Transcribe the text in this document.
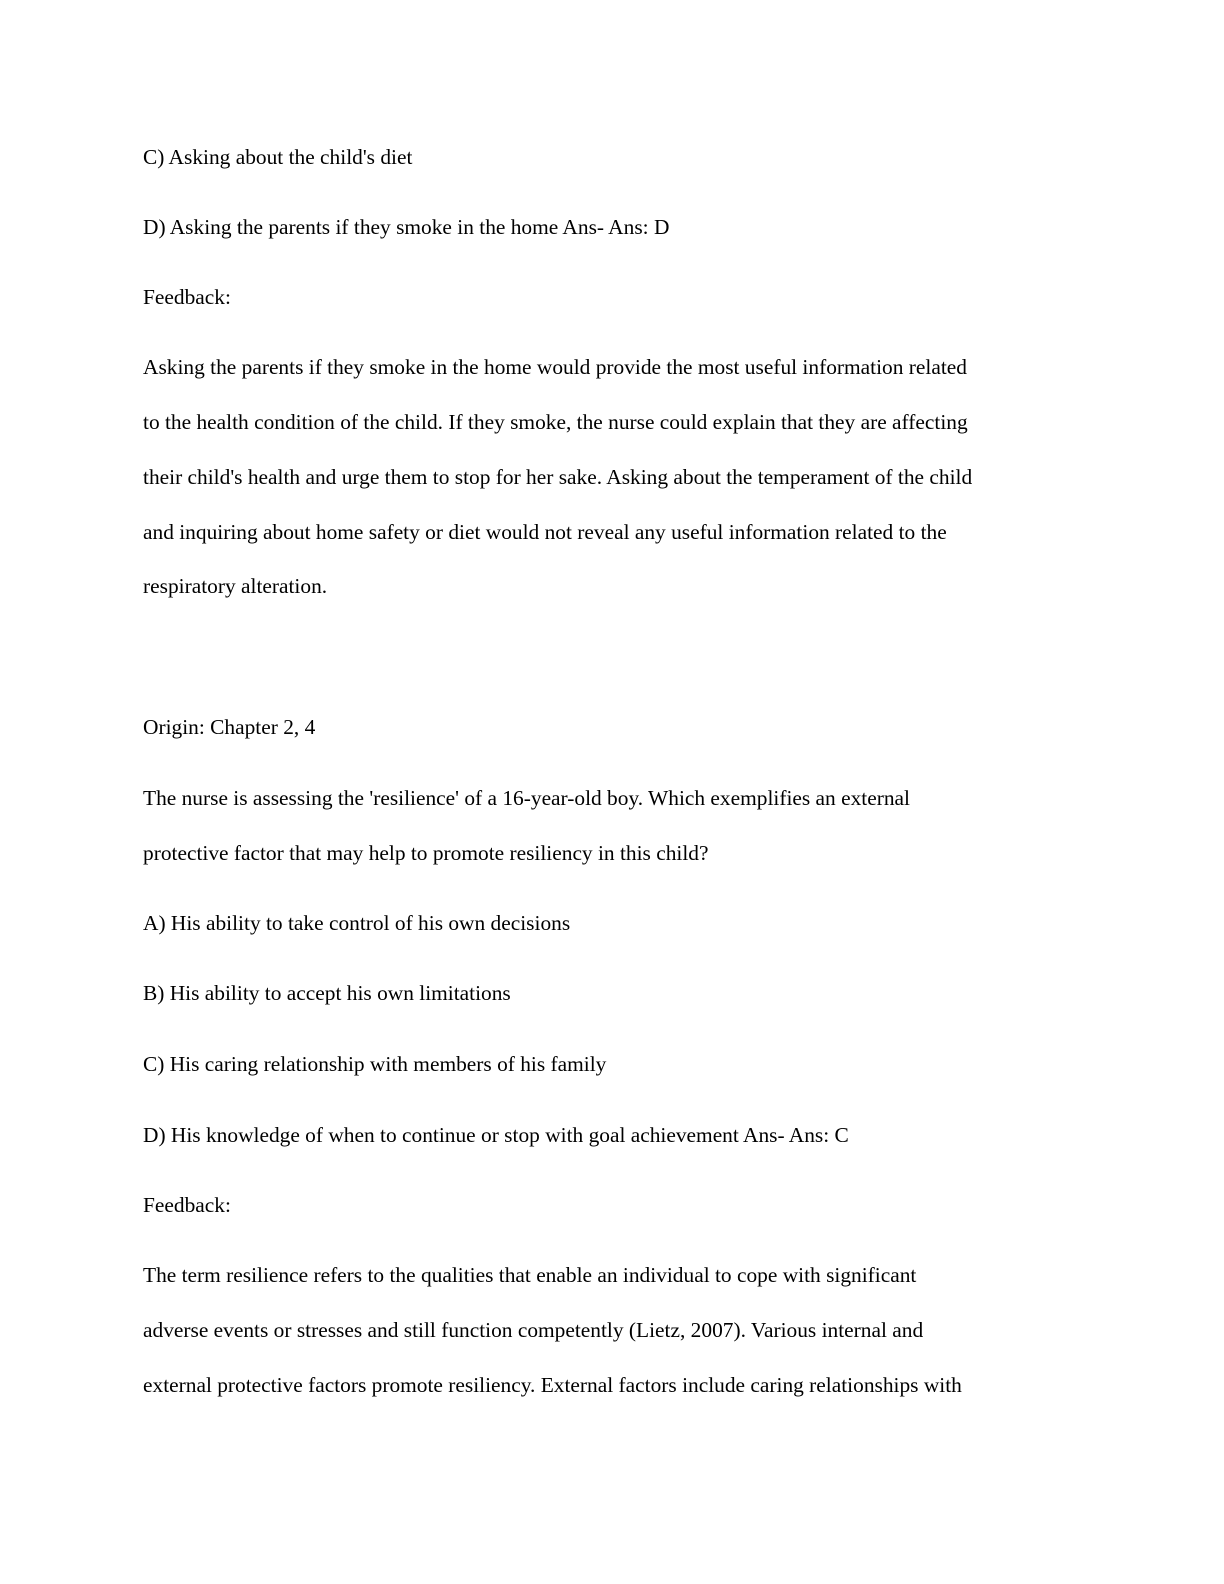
C) Asking about the child's diet

D) Asking the parents if they smoke in the home Ans- Ans: D

Feedback:

Asking the parents if they smoke in the home would provide the most useful information related

to the health condition of the child. If they smoke, the nurse could explain that they are affecting

their child's health and urge them to stop for her sake. Asking about the temperament of the child

and inquiring about home safety or diet would not reveal any useful information related to the

respiratory alteration.

Origin: Chapter 2, 4

The nurse is assessing the 'resilience' of a 16-year-old boy. Which exemplifies an external

protective factor that may help to promote resiliency in this child?

A) His ability to take control of his own decisions

B) His ability to accept his own limitations

C) His caring relationship with members of his family

D) His knowledge of when to continue or stop with goal achievement Ans- Ans: C

Feedback:

The term resilience refers to the qualities that enable an individual to cope with significant

adverse events or stresses and still function competently (Lietz, 2007). Various internal and

external protective factors promote resiliency. External factors include caring relationships with
